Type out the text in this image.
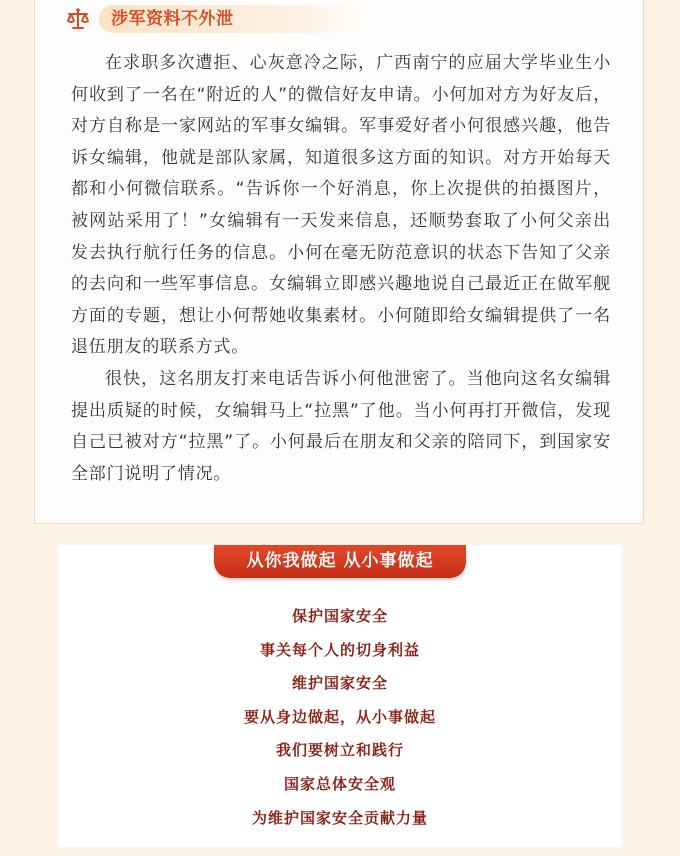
涉军资料不外泄

在求职多次遭拒、心灰意冷之际，广西南宁的应届大学毕业生小何收到了一名在“附近的人”的微信好友申请。小何加对方为好友后，对方自称是一家网站的军事女编辑。军事爱好者小何很感兴趣，他告诉女编辑，他就是部队家属，知道很多这方面的知识。对方开始每天都和小何微信联系。“告诉你一个好消息，你上次提供的拍摄图片，被网站采用了！”女编辑有一天发来信息，还顺势套取了小何父亲出发去执行航行任务的信息。小何在毫无防范意识的状态下告知了父亲的去向和一些军事信息。女编辑立即感兴趣地说自己最近正在做军舰方面的专题，想让小何帮她收集素材。小何随即给女编辑提供了一名退伍朋友的联系方式。

很快，这名朋友打来电话告诉小何他泄密了。当他向这名女编辑提出质疑的时候，女编辑马上“拉黑”了他。当小何再打开微信，发现自己已被对方“拉黑”了。小何最后在朋友和父亲的陪同下，到国家安全部门说明了情况。

从你我做起 从小事做起
保护国家安全
事关每个人的切身利益
维护国家安全
要从身边做起，从小事做起
我们要树立和践行
国家总体安全观
为维护国家安全贡献力量
